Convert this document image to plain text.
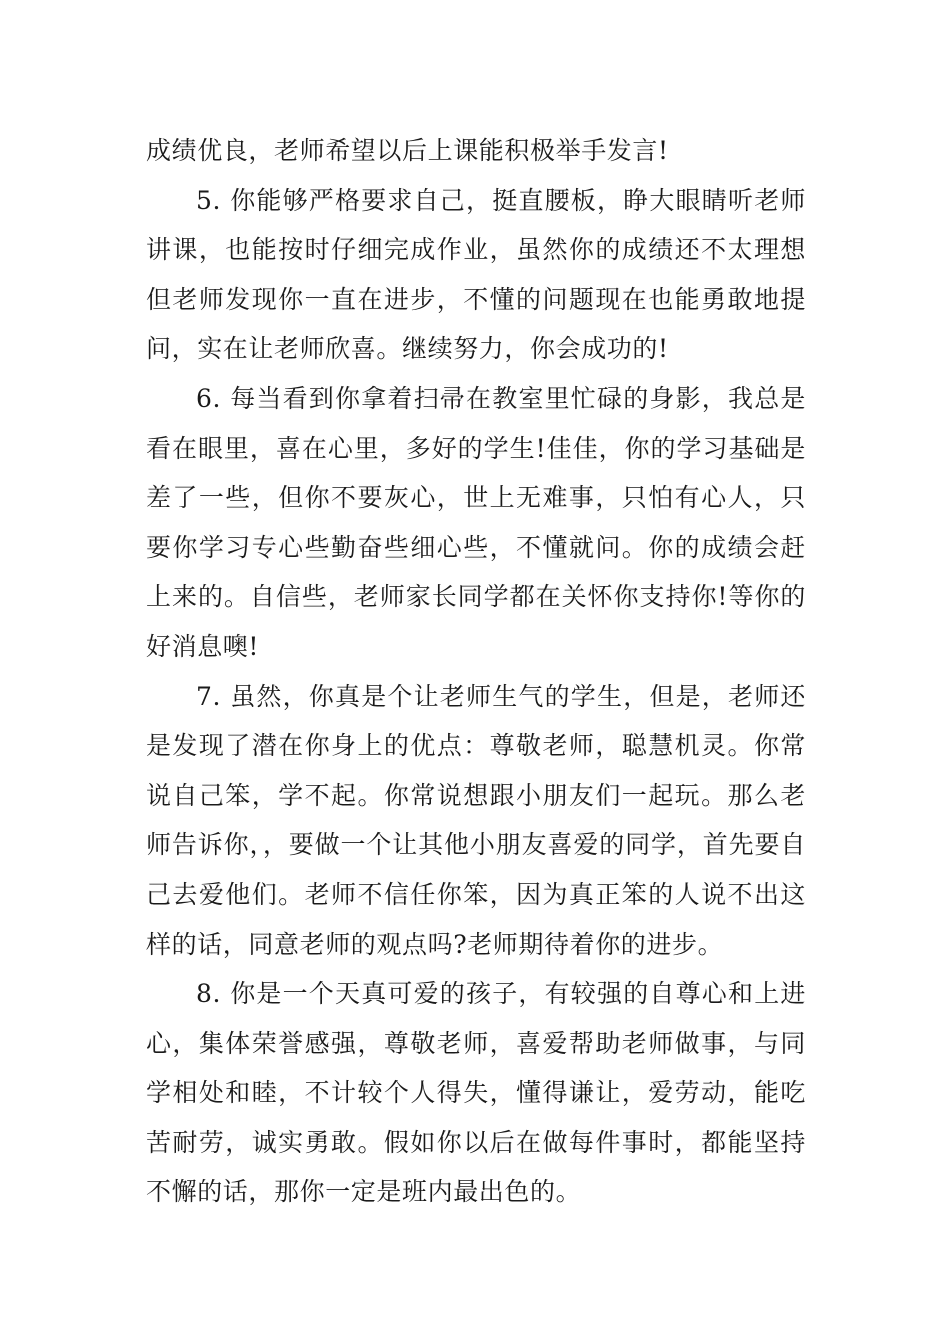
成绩优良，老师希望以后上课能积极举手发言!

5. 你能够严格要求自己，挺直腰板，睁大眼睛听老师讲课，也能按时仔细完成作业，虽然你的成绩还不太理想但老师发现你一直在进步，不懂的问题现在也能勇敢地提问，实在让老师欣喜。继续努力，你会成功的!

6. 每当看到你拿着扫帚在教室里忙碌的身影，我总是看在眼里，喜在心里，多好的学生!佳佳，你的学习基础是差了一些，但你不要灰心，世上无难事，只怕有心人，只要你学习专心些勤奋些细心些，不懂就问。你的成绩会赶上来的。自信些，老师家长同学都在关怀你支持你!等你的好消息噢!

7. 虽然，你真是个让老师生气的学生，但是，老师还是发现了潜在你身上的优点：尊敬老师，聪慧机灵。你常说自己笨，学不起。你常说想跟小朋友们一起玩。那么老师告诉你，，要做一个让其他小朋友喜爱的同学，首先要自己去爱他们。老师不信任你笨，因为真正笨的人说不出这样的话，同意老师的观点吗?老师期待着你的进步。

8. 你是一个天真可爱的孩子，有较强的自尊心和上进心，集体荣誉感强，尊敬老师，喜爱帮助老师做事，与同学相处和睦，不计较个人得失，懂得谦让，爱劳动，能吃苦耐劳，诚实勇敢。假如你以后在做每件事时，都能坚持不懈的话，那你一定是班内最出色的。
